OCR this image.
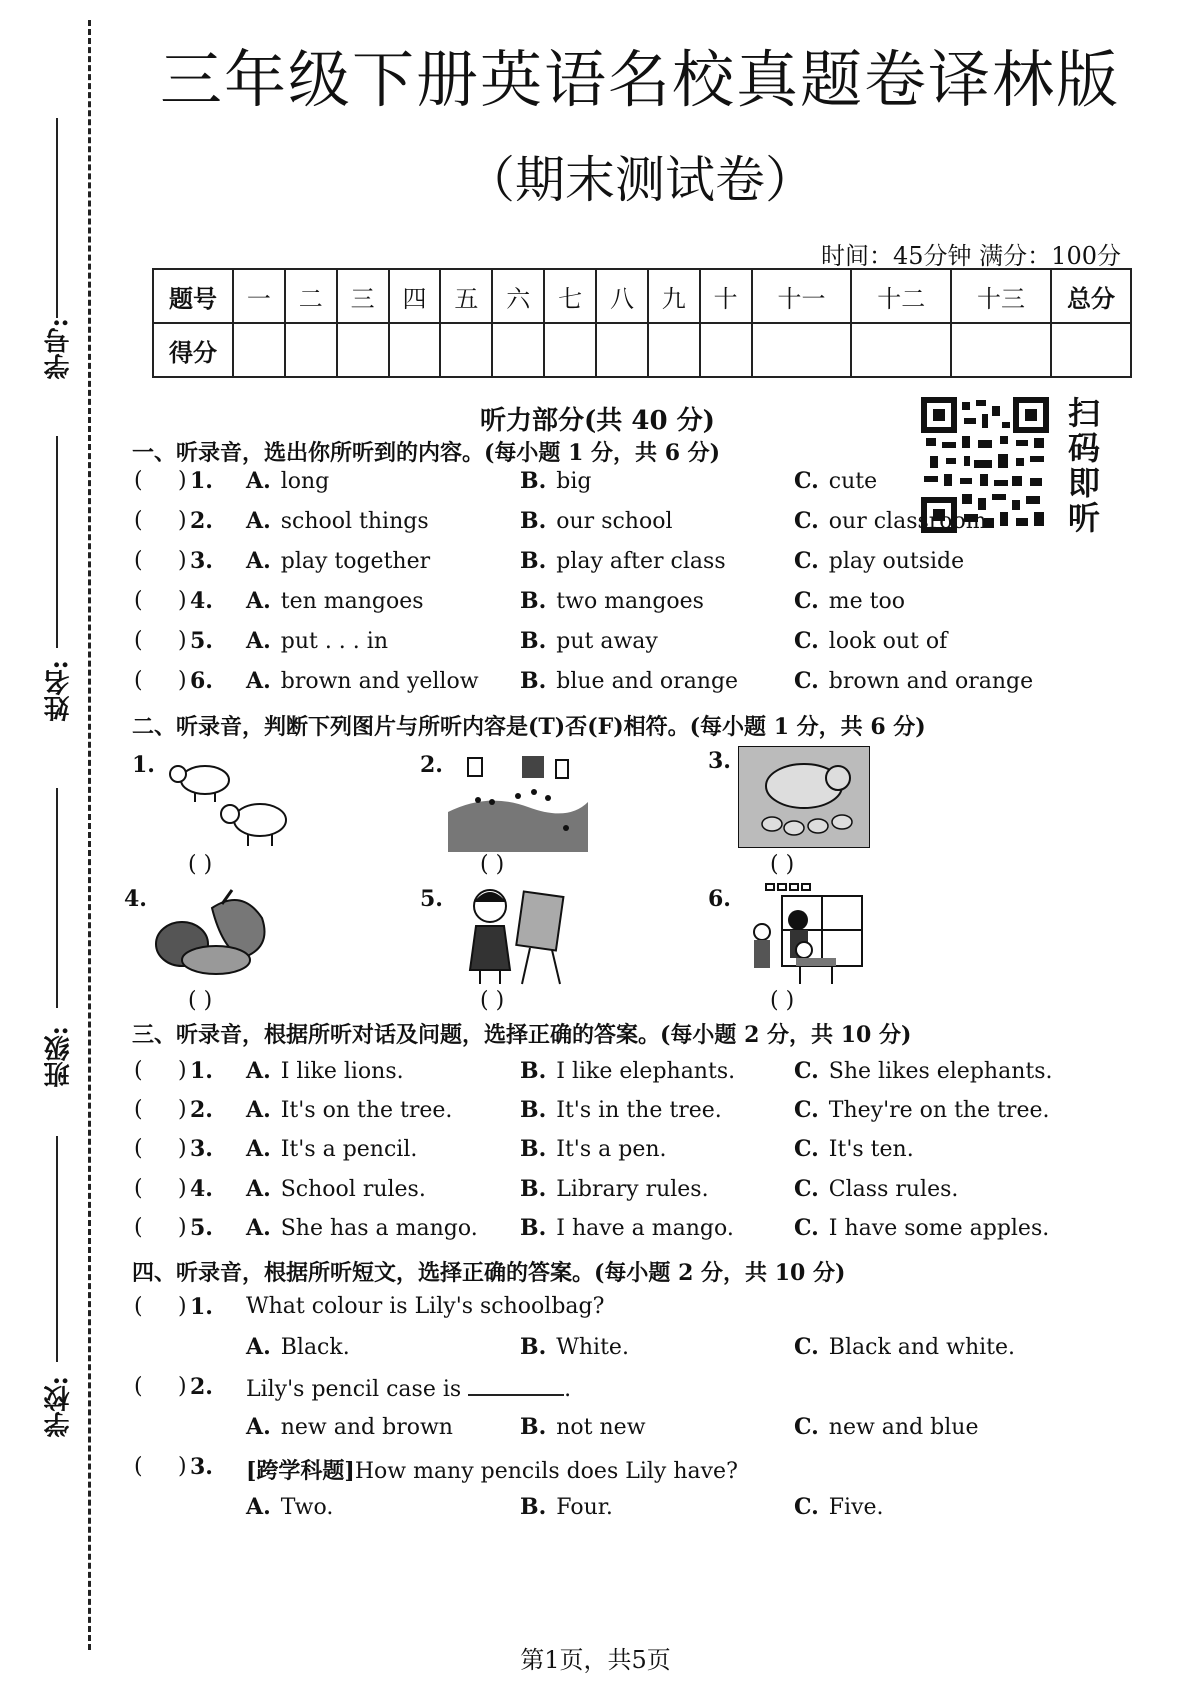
学号:
姓名:
班级:
学校:
三年级下册英语名校真题卷译林版
（期末测试卷）
时间：45分钟 满分：100分
题号	一	二	三	四	五	六	七	八	九	十	十一	十二	十三	总分
得分														
听力部分(共 40 分)	扫
码
即
听
一、听录音，选出你所听到的内容。(每小题 1 分，共 6 分)
( ) 1. A. long	B. big	C. cute
( ) 2. A. school things	B. our school	C. our classroom
( ) 3. A. play together	B. play after class	C. play outside
( ) 4. A. ten mangoes	B. two mangoes	C. me too
( ) 5. A. put . . . in	B. put away	C. look out of
( ) 6. A. brown and yellow B. blue and orange	C. brown and orange
二、听录音，判断下列图片与所听内容是(T)否(F)相符。(每小题 1 分，共 6 分)
1.
( )
2.
( )
3.
( )
4.
( )
5.
( )
6.
( )
三、听录音，根据所听对话及问题，选择正确的答案。(每小题 2 分，共 10 分)
( ) 1. A. I like lions.	B. I like elephants.	C. She likes elephants.
( ) 2. A. It's on the tree.	B. It's in the tree.	C. They're on the tree.
( ) 3. A. It's a pencil.	B. It's a pen.	C. It's ten.
( ) 4. A. School rules.	B. Library rules.	C. Class rules.
( ) 5. A. She has a mango. B. I have a mango.	C. I have some apples.
四、听录音，根据所听短文，选择正确的答案。(每小题 2 分，共 10 分)
( ) 1. What colour is Lily's schoolbag?
A. Black.	B. White.	C. Black and white.
( ) 2. Lily's pencil case is	.
A. new and brown	B. not new	C. new and blue
( ) 3. [跨学科题]How many pencils does Lily have?
A. Two.	B. Four.	C. Five.
第1页，共5页
